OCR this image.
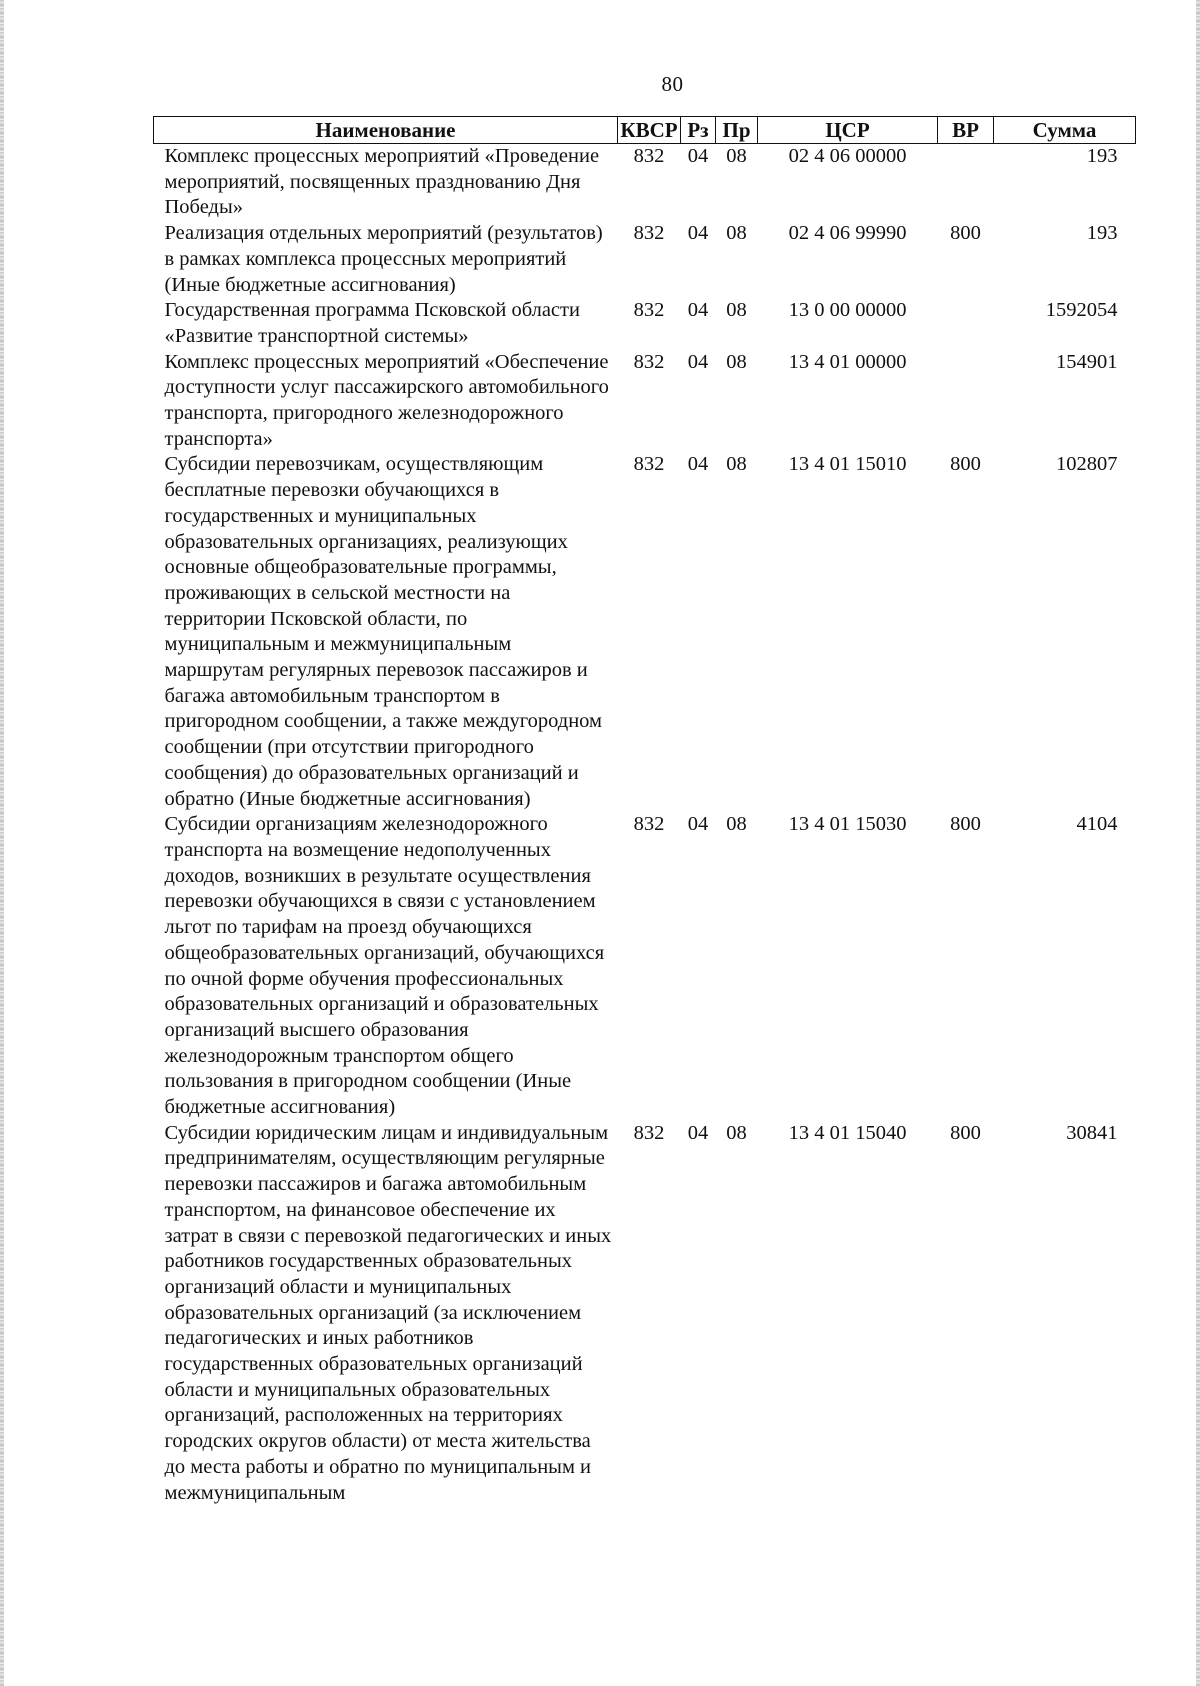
80
Наименование	КВСР	Рз	Пр	ЦСР	ВР	Сумма
Комплекс процессных мероприятий «Проведение мероприятий, посвященных празднованию Дня Победы»	832	04	08	02 4 06 00000		193
Реализация отдельных мероприятий (результатов) в рамках комплекса процессных мероприятий (Иные бюджетные ассигнования)	832	04	08	02 4 06 99990	800	193
Государственная программа Псковской области «Развитие транспортной системы»	832	04	08	13 0 00 00000		1592054
Комплекс процессных мероприятий «Обеспечение доступности услуг пассажирского автомобильного транспорта, пригородного железнодорожного транспорта»	832	04	08	13 4 01 00000		154901
Субсидии перевозчикам, осуществляющим бесплатные перевозки обучающихся в государственных и муниципальных образовательных организациях, реализующих основные общеобразовательные программы, проживающих в сельской местности на территории Псковской области, по муниципальным и межмуниципальным маршрутам регулярных перевозок пассажиров и багажа автомобильным транспортом в пригородном сообщении, а также междугородном сообщении (при отсутствии пригородного сообщения) до образовательных организаций и обратно (Иные бюджетные ассигнования)	832	04	08	13 4 01 15010	800	102807
Субсидии организациям железнодорожного транспорта на возмещение недополученных доходов, возникших в результате осуществления перевозки обучающихся в связи с установлением льгот по тарифам на проезд обучающихся общеобразовательных организаций, обучающихся по очной форме обучения профессиональных образовательных организаций и образовательных организаций высшего образования железнодорожным транспортом общего пользования в пригородном сообщении (Иные бюджетные ассигнования)	832	04	08	13 4 01 15030	800	4104
Субсидии юридическим лицам и индивидуальным предпринимателям, осуществляющим регулярные перевозки пассажиров и багажа автомобильным транспортом, на финансовое обеспечение их затрат в связи с перевозкой педагогических и иных работников государственных образовательных организаций области и муниципальных образовательных организаций (за исключением педагогических и иных работников государственных образовательных организаций области и муниципальных образовательных организаций, расположенных на территориях городских округов области) от места жительства до места работы и обратно по муниципальным и межмуниципальным	832	04	08	13 4 01 15040	800	30841
